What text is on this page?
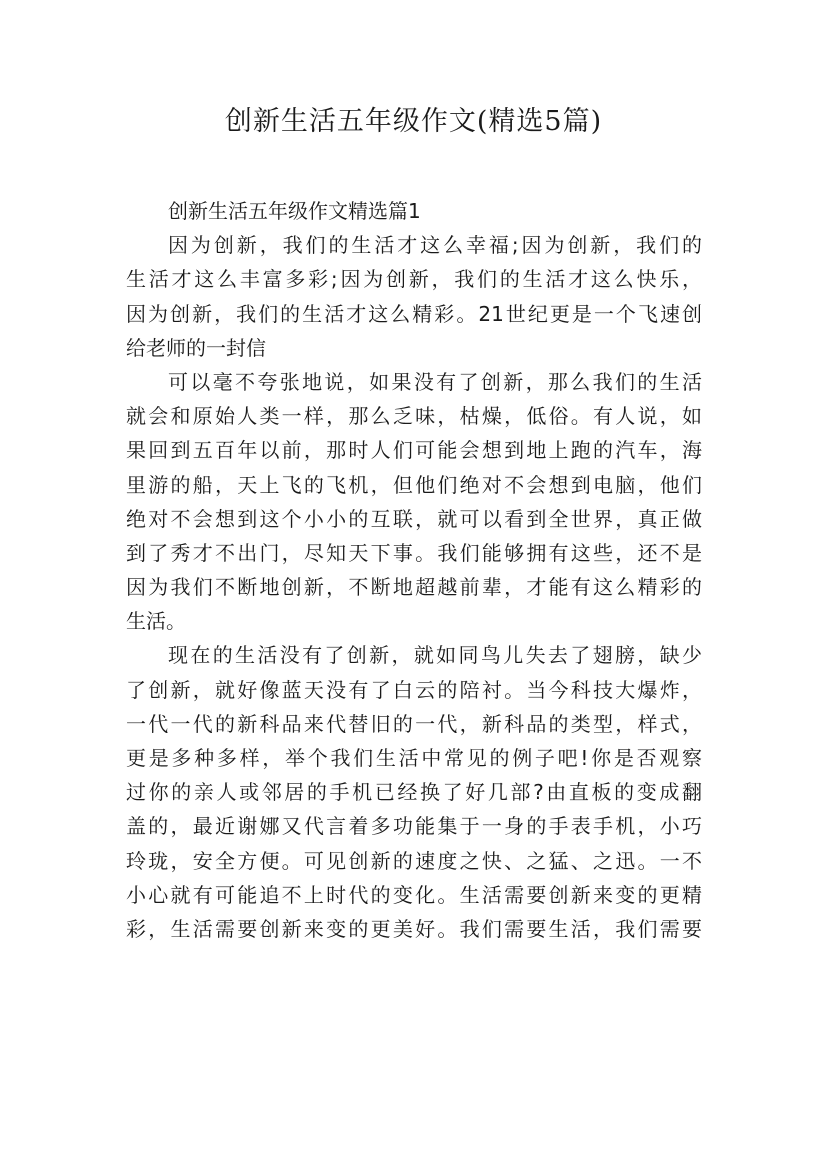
创新生活五年级作文(精选5篇)
创新生活五年级作文精选篇1
因为创新，我们的生活才这么幸福;因为创新，我们的
生活才这么丰富多彩;因为创新，我们的生活才这么快乐，
因为创新，我们的生活才这么精彩。21世纪更是一个飞速创
给老师的一封信
可以毫不夸张地说，如果没有了创新，那么我们的生活
就会和原始人类一样，那么乏味，枯燥，低俗。有人说，如
果回到五百年以前，那时人们可能会想到地上跑的汽车，海
里游的船，天上飞的飞机，但他们绝对不会想到电脑，他们
绝对不会想到这个小小的互联，就可以看到全世界，真正做
到了秀才不出门，尽知天下事。我们能够拥有这些，还不是
因为我们不断地创新，不断地超越前辈，才能有这么精彩的
生活。
现在的生活没有了创新，就如同鸟儿失去了翅膀，缺少
了创新，就好像蓝天没有了白云的陪衬。当今科技大爆炸，
一代一代的新科品来代替旧的一代，新科品的类型，样式，
更是多种多样，举个我们生活中常见的例子吧!你是否观察
过你的亲人或邻居的手机已经换了好几部?由直板的变成翻
盖的，最近谢娜又代言着多功能集于一身的手表手机，小巧
玲珑，安全方便。可见创新的速度之快、之猛、之迅。一不
小心就有可能追不上时代的变化。生活需要创新来变的更精
彩，生活需要创新来变的更美好。我们需要生活，我们需要
